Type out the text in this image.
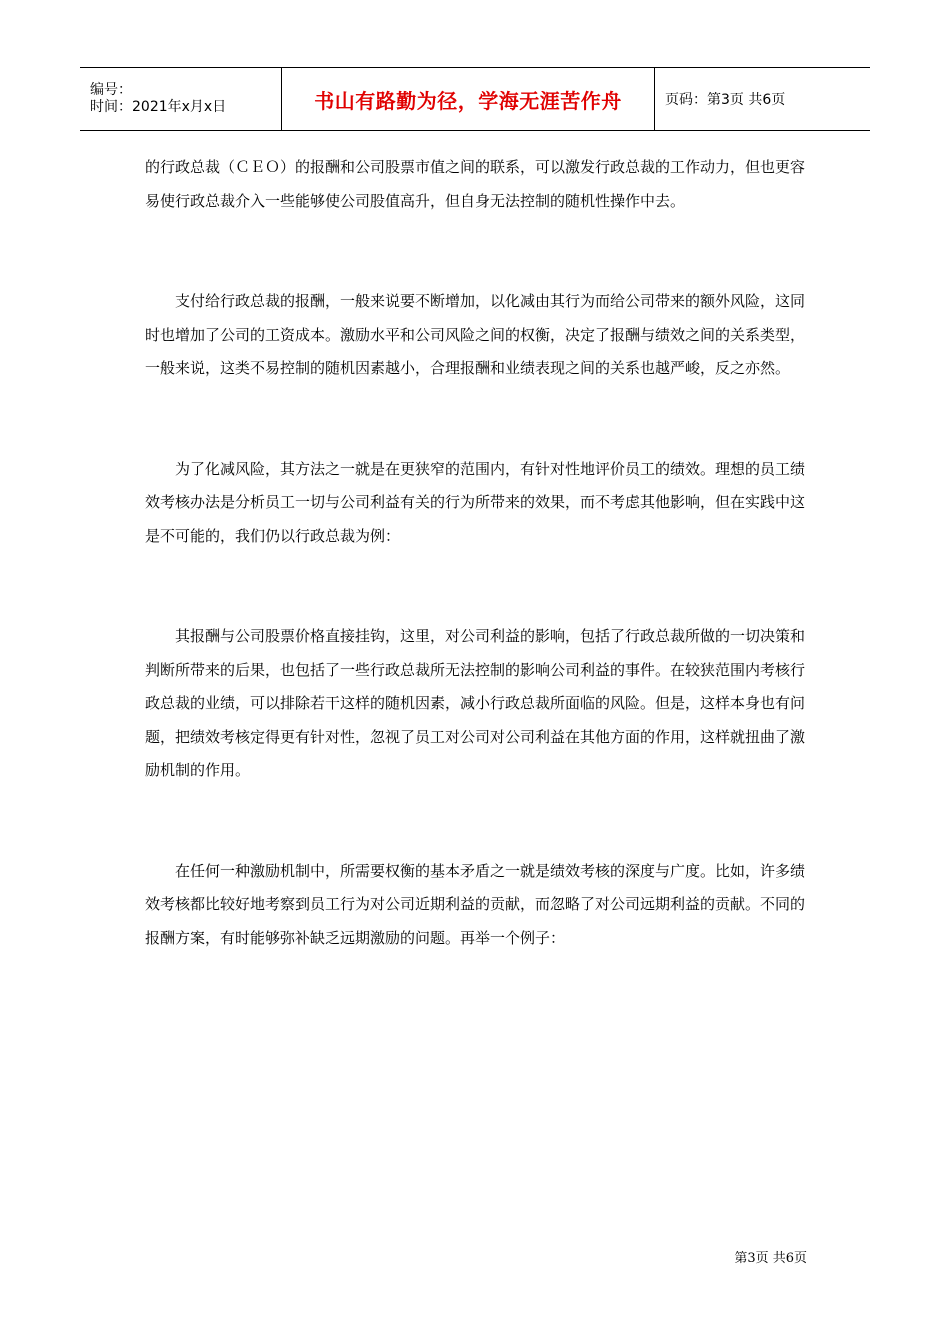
编号：
时间：2021年x月x日	书山有路勤为径，学海无涯苦作舟	页码：第3页 共6页

的行政总裁（ＣＥＯ）的报酬和公司股票市值之间的联系，可以激发行政总裁的工作动力，但也更容易使行政总裁介入一些能够使公司股值高升，但自身无法控制的随机性操作中去。

支付给行政总裁的报酬，一般来说要不断增加，以化减由其行为而给公司带来的额外风险，这同时也增加了公司的工资成本。激励水平和公司风险之间的权衡，决定了报酬与绩效之间的关系类型，一般来说，这类不易控制的随机因素越小，合理报酬和业绩表现之间的关系也越严峻，反之亦然。

为了化减风险，其方法之一就是在更狭窄的范围内，有针对性地评价员工的绩效。理想的员工绩效考核办法是分析员工一切与公司利益有关的行为所带来的效果，而不考虑其他影响，但在实践中这是不可能的，我们仍以行政总裁为例：

其报酬与公司股票价格直接挂钩，这里，对公司利益的影响，包括了行政总裁所做的一切决策和判断所带来的后果，也包括了一些行政总裁所无法控制的影响公司利益的事件。在较狭范围内考核行政总裁的业绩，可以排除若干这样的随机因素，减小行政总裁所面临的风险。但是，这样本身也有问题，把绩效考核定得更有针对性，忽视了员工对公司对公司利益在其他方面的作用，这样就扭曲了激励机制的作用。

在任何一种激励机制中，所需要权衡的基本矛盾之一就是绩效考核的深度与广度。比如，许多绩效考核都比较好地考察到员工行为对公司近期利益的贡献，而忽略了对公司远期利益的贡献。不同的报酬方案，有时能够弥补缺乏远期激励的问题。再举一个例子：

第3页 共6页
